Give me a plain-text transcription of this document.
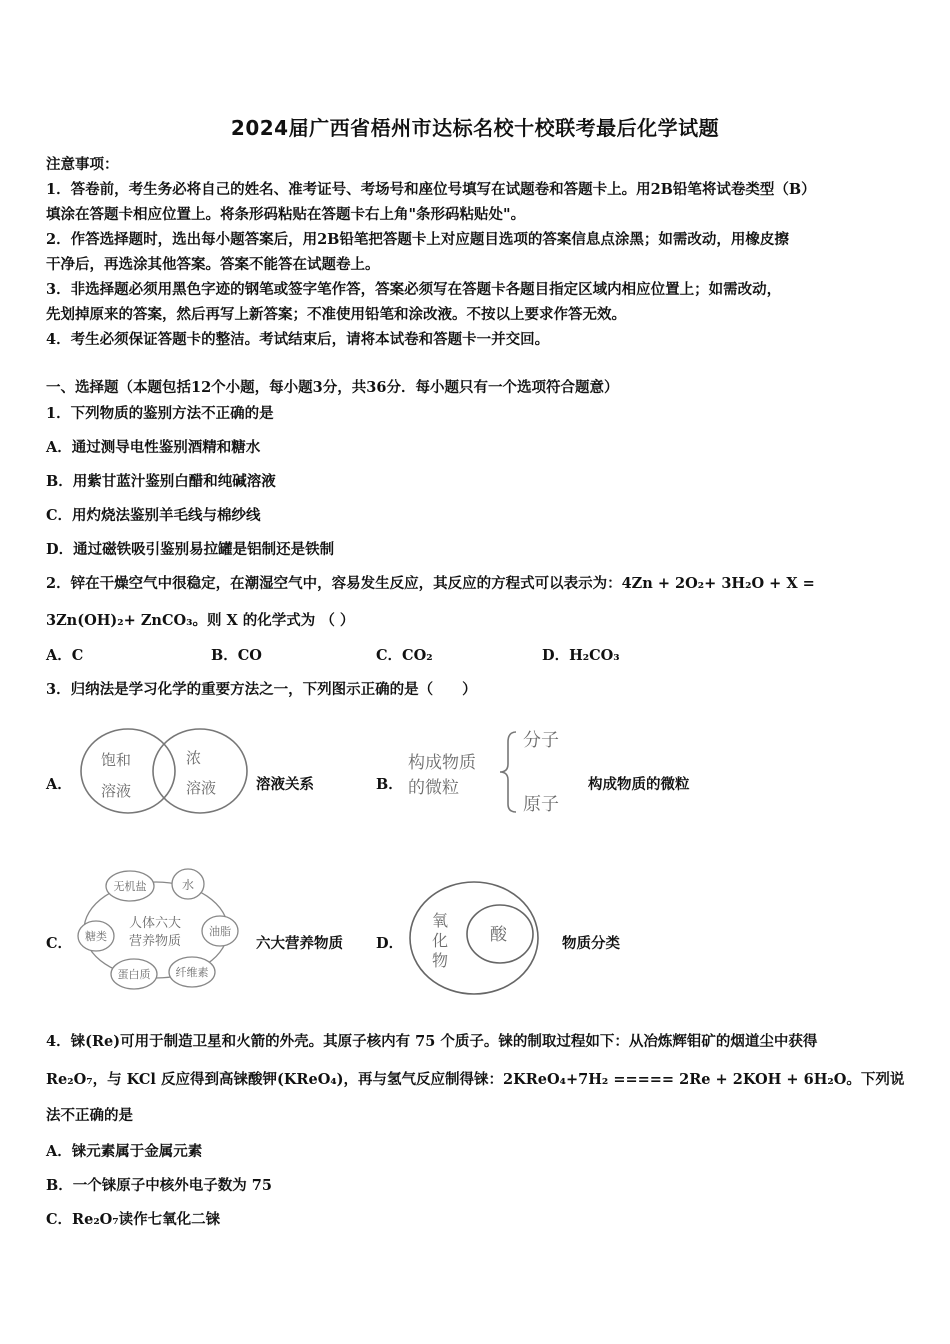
2024届广西省梧州市达标名校十校联考最后化学试题
注意事项：
1．答卷前，考生务必将自己的姓名、准考证号、考场号和座位号填写在试题卷和答题卡上。用2B铅笔将试卷类型（B）
填涂在答题卡相应位置上。将条形码粘贴在答题卡右上角"条形码粘贴处"。
2．作答选择题时，选出每小题答案后，用2B铅笔把答题卡上对应题目选项的答案信息点涂黑；如需改动，用橡皮擦
干净后，再选涂其他答案。答案不能答在试题卷上。
3．非选择题必须用黑色字迹的钢笔或签字笔作答，答案必须写在答题卡各题目指定区域内相应位置上；如需改动，
先划掉原来的答案，然后再写上新答案；不准使用铅笔和涂改液。不按以上要求作答无效。
4．考生必须保证答题卡的整洁。考试结束后，请将本试卷和答题卡一并交回。
一、选择题（本题包括12个小题，每小题3分，共36分．每小题只有一个选项符合题意）
1．下列物质的鉴别方法不正确的是
A．通过测导电性鉴别酒精和糖水
B．用紫甘蓝汁鉴别白醋和纯碱溶液
C．用灼烧法鉴别羊毛线与棉纱线
D．通过磁铁吸引鉴别易拉罐是铝制还是铁制
2．锌在干燥空气中很稳定，在潮湿空气中，容易发生反应，其反应的方程式可以表示为：4Zn + 2O₂+ 3H₂O + X =
3Zn(OH)₂+ ZnCO₃。则 X 的化学式为 （ ）
A．C	B．CO	C．CO₂	D．H₂CO₃
3．归纳法是学习化学的重要方法之一，下列图示正确的是（　　）
A．
饱和
溶液
浓
溶液	溶液关系	B．
构成物质
的微粒
分子
原子
构成物质的微粒
C．
人体六大
营养物质
无机盐	水
油脂
纤维素
蛋白质
糖类	六大营养物质 D．
氧
化
物
酸	物质分类
4．铼(Re)可用于制造卫星和火箭的外壳。其原子核内有 75 个质子。铼的制取过程如下：从冶炼辉钼矿的烟道尘中获得
Re₂O₇，与 KCl 反应得到高铼酸钾(KReO₄)，再与氢气反应制得铼：2KReO₄+7H₂ ===== 2Re + 2KOH + 6H₂O。下列说
法不正确的是
A．铼元素属于金属元素
B．一个铼原子中核外电子数为 75
C．Re₂O₇读作七氧化二铼
